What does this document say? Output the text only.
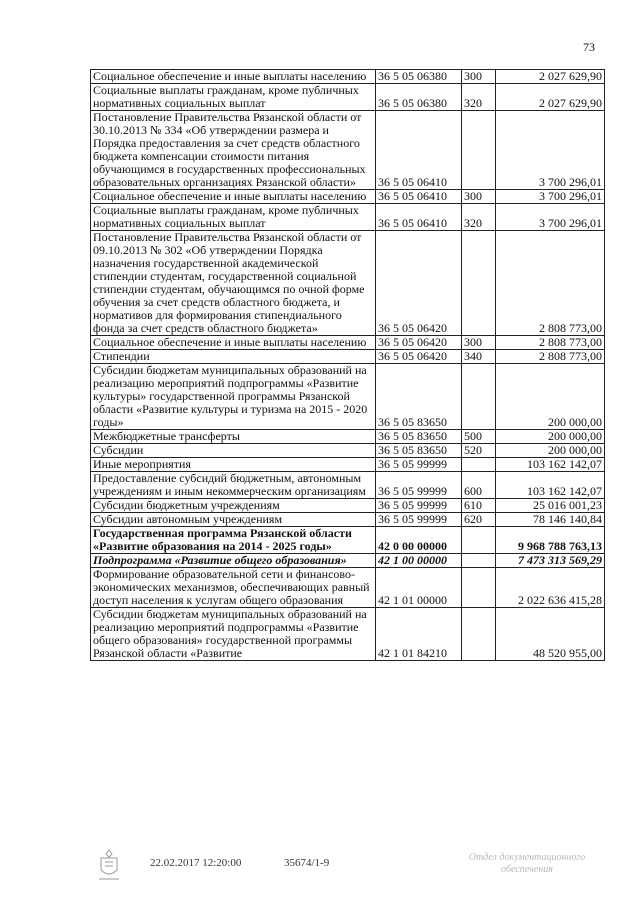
73
Социальное обеспечение и иные выплаты населению	36 5 05 06380	300	2 027 629,90
Социальные выплаты гражданам, кроме публичных нормативных социальных выплат	36 5 05 06380	320	2 027 629,90
Постановление Правительства Рязанской области от 30.10.2013 № 334 «Об утверждении размера и Порядка предоставления за счет средств областного бюджета компенсации стоимости питания обучающимся в государственных профессиональных образовательных организациях Рязанской области»	36 5 05 06410		3 700 296,01
Социальное обеспечение и иные выплаты населению	36 5 05 06410	300	3 700 296,01
Социальные выплаты гражданам, кроме публичных нормативных социальных выплат	36 5 05 06410	320	3 700 296,01
Постановление Правительства Рязанской области от 09.10.2013 № 302 «Об утверждении Порядка назначения государственной академической стипендии студентам, государственной социальной стипендии студентам, обучающимся по очной форме обучения за счет средств областного бюджета, и нормативов для формирования стипендиального фонда за счет средств областного бюджета»	36 5 05 06420		2 808 773,00
Социальное обеспечение и иные выплаты населению	36 5 05 06420	300	2 808 773,00
Стипендии	36 5 05 06420	340	2 808 773,00
Субсидии бюджетам муниципальных образований на реализацию мероприятий подпрограммы «Развитие культуры» государственной программы Рязанской области «Развитие культуры и туризма на 2015 - 2020 годы»	36 5 05 83650		200 000,00
Межбюджетные трансферты	36 5 05 83650	500	200 000,00
Субсидии	36 5 05 83650	520	200 000,00
Иные мероприятия	36 5 05 99999		103 162 142,07
Предоставление субсидий бюджетным, автономным учреждениям и иным некоммерческим организациям	36 5 05 99999	600	103 162 142,07
Субсидии бюджетным учреждениям	36 5 05 99999	610	25 016 001,23
Субсидии автономным учреждениям	36 5 05 99999	620	78 146 140,84
Государственная программа Рязанской области «Развитие образования на 2014 - 2025 годы»	42 0 00 00000		9 968 788 763,13
Подпрограмма «Развитие общего образования»	42 1 00 00000		7 473 313 569,29
Формирование образовательной сети и финансово-экономических механизмов, обеспечивающих равный доступ населения к услугам общего образования	42 1 01 00000		2 022 636 415,28
Субсидии бюджетам муниципальных образований на реализацию мероприятий подпрограммы «Развитие общего образования» государственной программы Рязанской области «Развитие	42 1 01 84210		48 520 955,00
22.02.2017 12:20:00	35674/1-9	Отдел документационного
обеспечения
